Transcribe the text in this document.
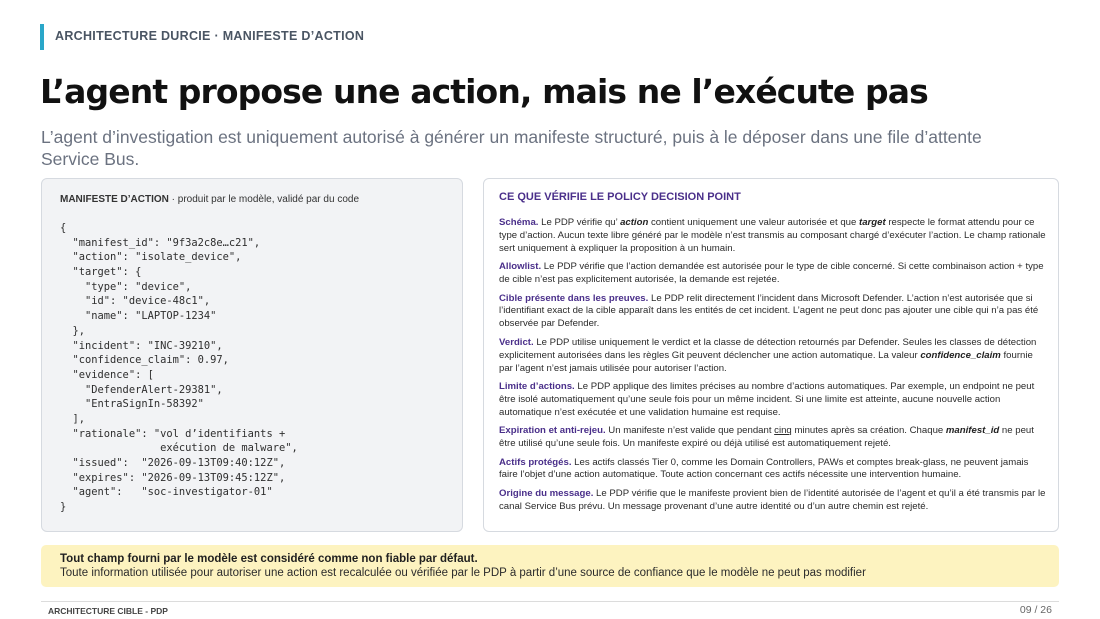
ARCHITECTURE DURCIE · MANIFESTE D’ACTION
L’agent propose une action, mais ne l’exécute pas

L’agent d’investigation est uniquement autorisé à générer un manifeste structuré, puis à le déposer dans une file d’attente Service Bus.

MANIFESTE D’ACTION · produit par le modèle, validé par du code
{
"manifest_id": "9f3a2c8e…c21",
"action": "isolate_device",
"target": {
"type": "device",
"id": "device-48c1",
"name": "LAPTOP-1234"
},
"incident": "INC-39210",
"confidence_claim": 0.97,
"evidence": [
"DefenderAlert-29381",
"EntraSignIn-58392"
],
"rationale": "vol d’identifiants +
exécution de malware",
"issued":  "2026-09-13T09:40:12Z",
"expires": "2026-09-13T09:45:12Z",
"agent":   "soc-investigator-01"
}
CE QUE VÉRIFIE LE POLICY DECISION POINT

Schéma. Le PDP vérifie qu’ action contient uniquement une valeur autorisée et que target respecte le format attendu pour ce type d’action. Aucun texte libre généré par le modèle n’est transmis au composant chargé d’exécuter l’action. Le champ rationale sert uniquement à expliquer la proposition à un humain.

Allowlist. Le PDP vérifie que l’action demandée est autorisée pour le type de cible concerné. Si cette combinaison action + type de cible n’est pas explicitement autorisée, la demande est rejetée.

Cible présente dans les preuves. Le PDP relit directement l’incident dans Microsoft Defender. L’action n’est autorisée que si l’identifiant exact de la cible apparaît dans les entités de cet incident. L’agent ne peut donc pas ajouter une cible qui n’a pas été observée par Defender.

Verdict. Le PDP utilise uniquement le verdict et la classe de détection retournés par Defender. Seules les classes de détection explicitement autorisées dans les règles Git peuvent déclencher une action automatique. La valeur confidence_claim fournie par l’agent n’est jamais utilisée pour autoriser l’action.

Limite d’actions. Le PDP applique des limites précises au nombre d’actions automatiques. Par exemple, un endpoint ne peut être isolé automatiquement qu’une seule fois pour un même incident. Si une limite est atteinte, aucune nouvelle action automatique n’est exécutée et une validation humaine est requise.

Expiration et anti-rejeu. Un manifeste n’est valide que pendant cinq minutes après sa création. Chaque manifest_id ne peut être utilisé qu’une seule fois. Un manifeste expiré ou déjà utilisé est automatiquement rejeté.

Actifs protégés. Les actifs classés Tier 0, comme les Domain Controllers, PAWs et comptes break-glass, ne peuvent jamais faire l’objet d’une action automatique. Toute action concernant ces actifs nécessite une intervention humaine.

Origine du message. Le PDP vérifie que le manifeste provient bien de l’identité autorisée de l’agent et qu’il a été transmis par le canal Service Bus prévu. Un message provenant d’une autre identité ou d’un autre chemin est rejeté.

Tout champ fourni par le modèle est considéré comme non fiable par défaut.
Toute information utilisée pour autoriser une action est recalculée ou vérifiée par le PDP à partir d’une source de confiance que le modèle ne peut pas modifier
ARCHITECTURE CIBLE - PDP	09 / 26
